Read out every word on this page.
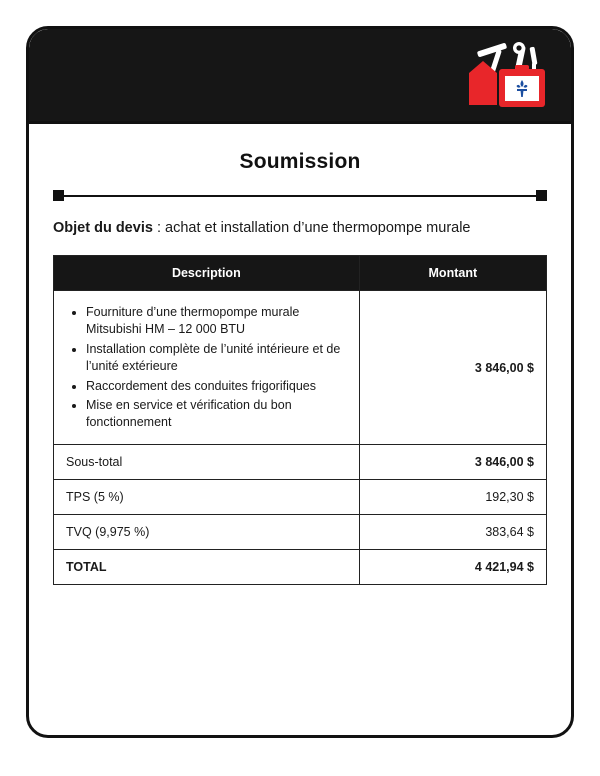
Soumission

Objet du devis : achat et installation d’une thermopompe murale

Description	Montant

• Fourniture d’une thermopompe murale Mitsubishi HM – 12 000 BTU
• Installation complète de l’unité intérieure et de l’unité extérieure
• Raccordement des conduites frigorifiques
• Mise en service et vérification du bon fonctionnement
	3 846,00 $
Sous-total	3 846,00 $
TPS (5 %)	192,30 $
TVQ (9,975 %)	383,64 $
TOTAL	4 421,94 $
